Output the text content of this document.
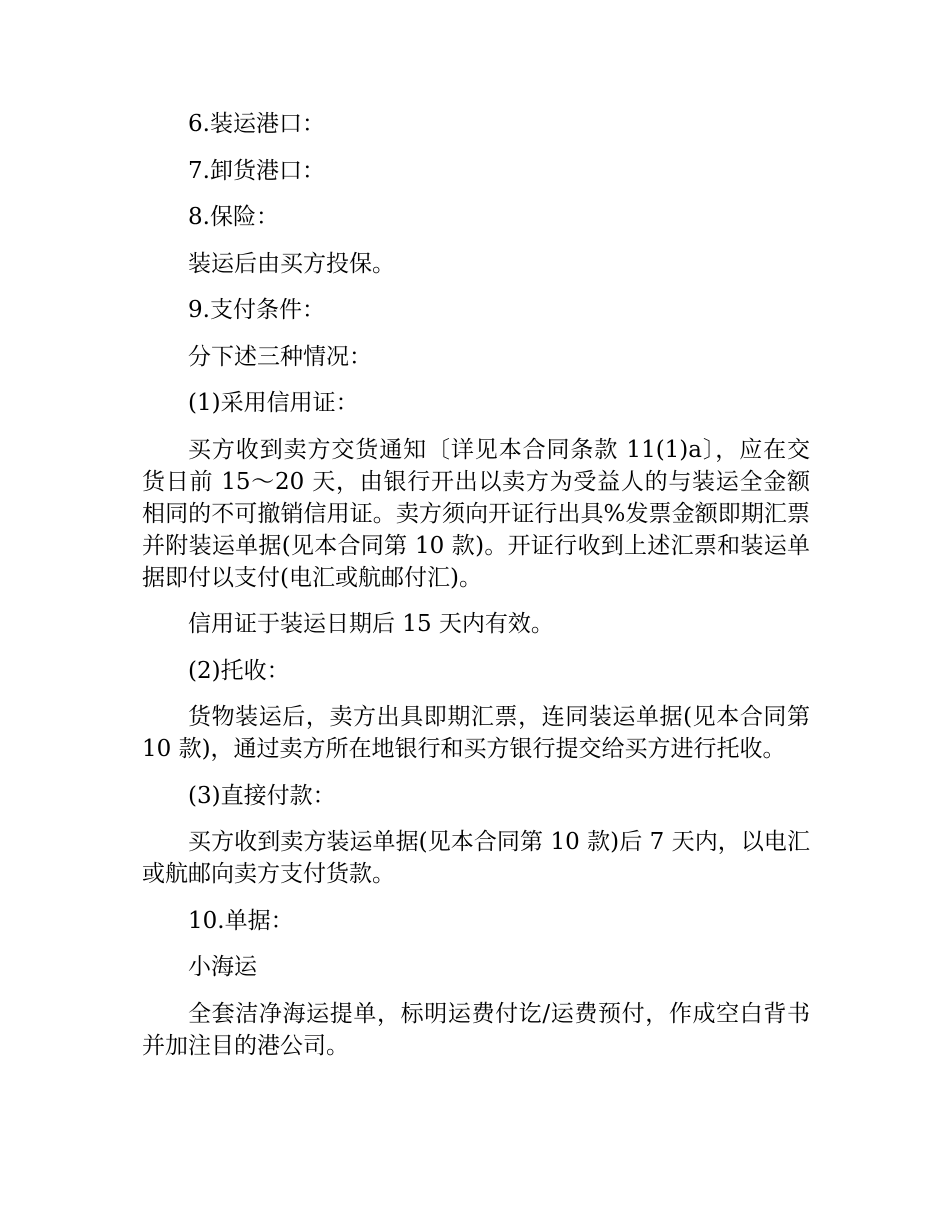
6.装运港口：

7.卸货港口：

8.保险：

装运后由买方投保。

9.支付条件：

分下述三种情况：

(1)采用信用证：

买方收到卖方交货通知〔详见本合同条款 11(1)a〕，应在交货日前 15～20 天，由银行开出以卖方为受益人的与装运全金额相同的不可撤销信用证。卖方须向开证行出具%发票金额即期汇票并附装运单据(见本合同第 10 款)。开证行收到上述汇票和装运单据即付以支付(电汇或航邮付汇)。

信用证于装运日期后 15 天内有效。

(2)托收：

货物装运后，卖方出具即期汇票，连同装运单据(见本合同第 10 款)，通过卖方所在地银行和买方银行提交给买方进行托收。

(3)直接付款：

买方收到卖方装运单据(见本合同第 10 款)后 7 天内，以电汇或航邮向卖方支付货款。

10.单据：

小海运

全套洁净海运提单，标明运费付讫/运费预付，作成空白背书并加注目的港公司。
